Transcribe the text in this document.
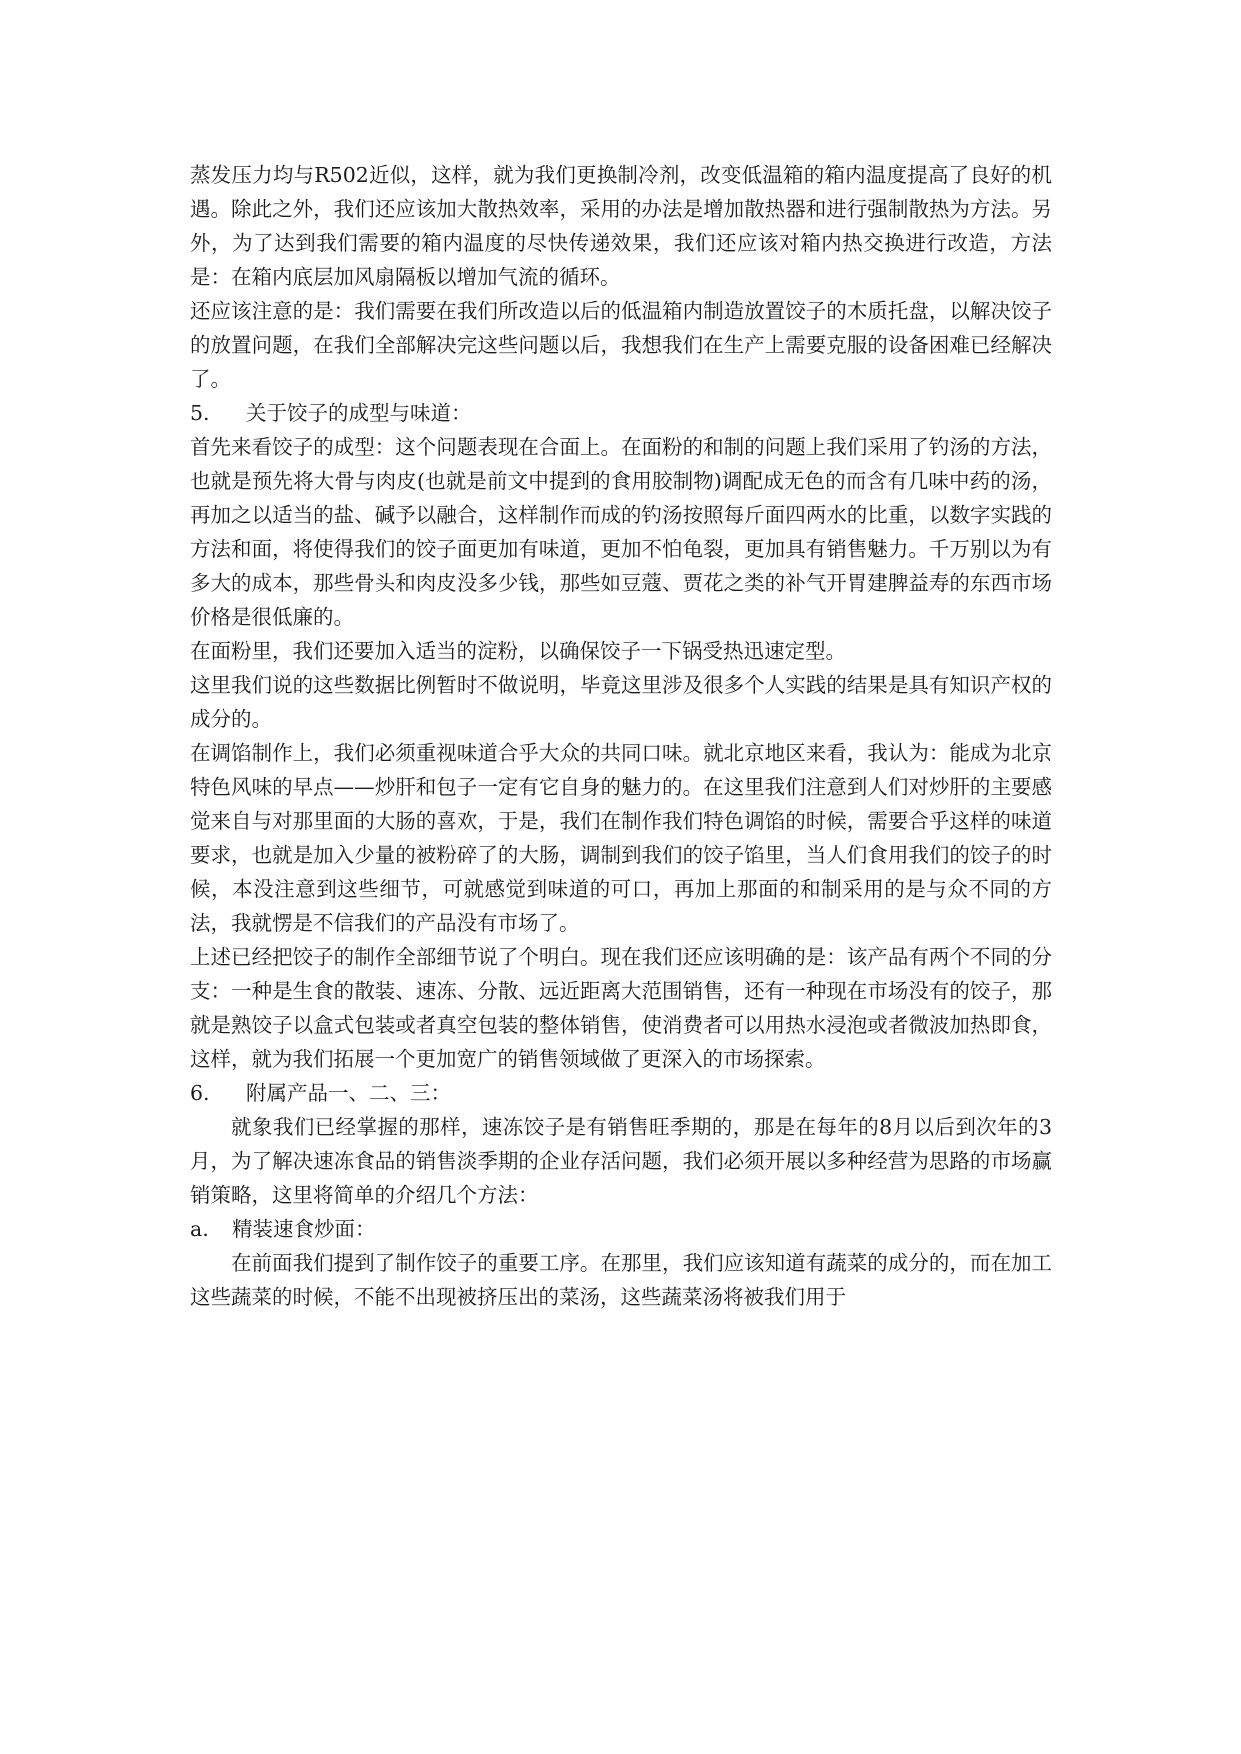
蒸发压力均与R502近似，这样，就为我们更换制冷剂，改变低温箱的箱内温度提高了良好的机遇。除此之外，我们还应该加大散热效率，采用的办法是增加散热器和进行强制散热为方法。另外，为了达到我们需要的箱内温度的尽快传递效果，我们还应该对箱内热交换进行改造，方法是：在箱内底层加风扇隔板以增加气流的循环。

还应该注意的是：我们需要在我们所改造以后的低温箱内制造放置饺子的木质托盘，以解决饺子的放置问题，在我们全部解决完这些问题以后，我想我们在生产上需要克服的设备困难已经解决了。

5. 关于饺子的成型与味道：

首先来看饺子的成型：这个问题表现在合面上。在面粉的和制的问题上我们采用了钓汤的方法，也就是预先将大骨与肉皮(也就是前文中提到的食用胶制物)调配成无色的而含有几味中药的汤，再加之以适当的盐、碱予以融合，这样制作而成的钓汤按照每斤面四两水的比重，以数字实践的方法和面，将使得我们的饺子面更加有味道，更加不怕龟裂，更加具有销售魅力。千万别以为有多大的成本，那些骨头和肉皮没多少钱，那些如豆蔻、贾花之类的补气开胃建脾益寿的东西市场价格是很低廉的。

在面粉里，我们还要加入适当的淀粉，以确保饺子一下锅受热迅速定型。

这里我们说的这些数据比例暂时不做说明，毕竟这里涉及很多个人实践的结果是具有知识产权的成分的。

在调馅制作上，我们必须重视味道合乎大众的共同口味。就北京地区来看，我认为：能成为北京特色风味的早点——炒肝和包子一定有它自身的魅力的。在这里我们注意到人们对炒肝的主要感觉来自与对那里面的大肠的喜欢，于是，我们在制作我们特色调馅的时候，需要合乎这样的味道要求，也就是加入少量的被粉碎了的大肠，调制到我们的饺子馅里，当人们食用我们的饺子的时候，本没注意到这些细节，可就感觉到味道的可口，再加上那面的和制采用的是与众不同的方法，我就愣是不信我们的产品没有市场了。

上述已经把饺子的制作全部细节说了个明白。现在我们还应该明确的是：该产品有两个不同的分支：一种是生食的散装、速冻、分散、远近距离大范围销售，还有一种现在市场没有的饺子，那就是熟饺子以盒式包装或者真空包装的整体销售，使消费者可以用热水浸泡或者微波加热即食，这样，就为我们拓展一个更加宽广的销售领域做了更深入的市场探索。

6. 附属产品一、二、三：

就象我们已经掌握的那样，速冻饺子是有销售旺季期的，那是在每年的8月以后到次年的3月，为了解决速冻食品的销售淡季期的企业存活问题，我们必须开展以多种经营为思路的市场赢销策略，这里将简单的介绍几个方法：

a. 精装速食炒面：

在前面我们提到了制作饺子的重要工序。在那里，我们应该知道有蔬菜的成分的，而在加工这些蔬菜的时候，不能不出现被挤压出的菜汤，这些蔬菜汤将被我们用于
